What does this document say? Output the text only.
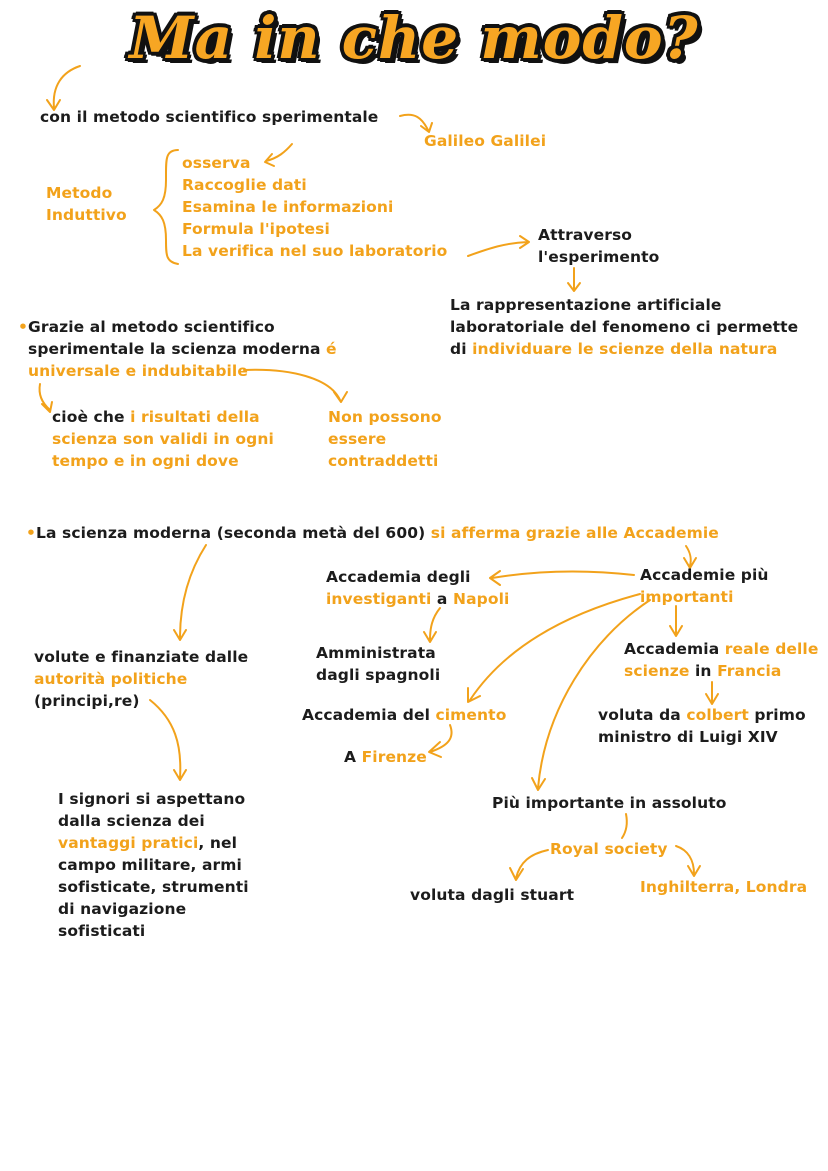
Ma in che modo?
con il metodo scientifico sperimentale
Galileo Galilei
Metodo
Induttivo
osserva
Raccoglie dati
Esamina le informazioni
Formula l'ipotesi
La verifica nel suo laboratorio
Attraverso
l'esperimento
La rappresentazione artificiale
laboratoriale del fenomeno ci permette
di individuare le scienze della natura
•Grazie al metodo scientifico
sperimentale la scienza moderna é
universale e indubitabile
cioè che i risultati della
scienza son validi in ogni
tempo e in ogni dove
Non possono
essere
contraddetti
•La scienza moderna (seconda metà del 600) si afferma grazie alle Accademie
volute e finanziate dalle
autorità politiche
(principi,re)
I signori si aspettano
dalla scienza dei
vantaggi pratici, nel
campo militare, armi
sofisticate, strumenti
di navigazione
sofisticati
Accademia degli
investiganti a Napoli
Amministrata
dagli spagnoli
Accademia del cimento
A Firenze
Accademie più
importanti
Accademia reale delle
scienze in Francia
voluta da colbert primo
ministro di Luigi XIV
Più importante in assoluto
Royal society
voluta dagli stuart	Inghilterra, Londra
